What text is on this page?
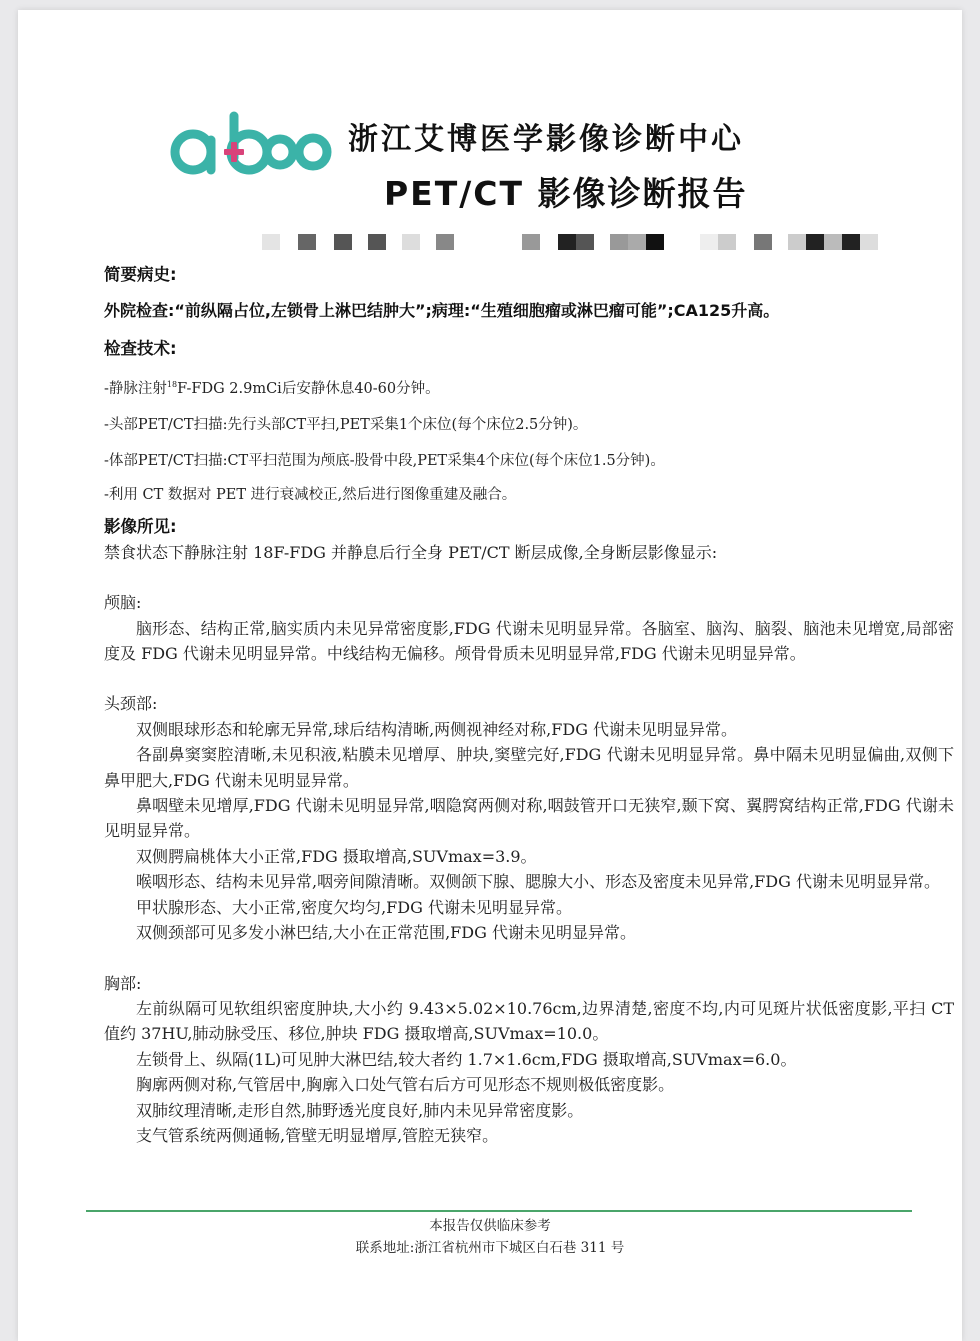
浙江艾博医学影像诊断中心
PET/CT 影像诊断报告
简要病史:
外院检查:“前纵隔占位,左锁骨上淋巴结肿大”;病理:“生殖细胞瘤或淋巴瘤可能”;CA125升高。
检查技术:
-静脉注射$^{18}$F-FDG 2.9mCi后安静休息40-60分钟。
-头部PET/CT扫描:先行头部CT平扫,PET采集1个床位(每个床位2.5分钟)。
-体部PET/CT扫描:CT平扫范围为颅底-股骨中段,PET采集4个床位(每个床位1.5分钟)。
-利用 CT 数据对 PET 进行衰减校正,然后进行图像重建及融合。
影像所见:
禁食状态下静脉注射 18F-FDG 并静息后行全身 PET/CT 断层成像,全身断层影像显示:
颅脑:
脑形态、结构正常,脑实质内未见异常密度影,FDG 代谢未见明显异常。各脑室、脑沟、脑裂、脑池未见增宽,局部密度及 FDG 代谢未见明显异常。中线结构无偏移。颅骨骨质未见明显异常,FDG 代谢未见明显异常。
头颈部:
双侧眼球形态和轮廓无异常,球后结构清晰,两侧视神经对称,FDG 代谢未见明显异常。
各副鼻窦窦腔清晰,未见积液,粘膜未见增厚、肿块,窦壁完好,FDG 代谢未见明显异常。鼻中隔未见明显偏曲,双侧下鼻甲肥大,FDG 代谢未见明显异常。
鼻咽壁未见增厚,FDG 代谢未见明显异常,咽隐窝两侧对称,咽鼓管开口无狭窄,颞下窝、翼腭窝结构正常,FDG 代谢未见明显异常。
双侧腭扁桃体大小正常,FDG 摄取增高,SUVmax=3.9。
喉咽形态、结构未见异常,咽旁间隙清晰。双侧颌下腺、腮腺大小、形态及密度未见异常,FDG 代谢未见明显异常。
甲状腺形态、大小正常,密度欠均匀,FDG 代谢未见明显异常。
双侧颈部可见多发小淋巴结,大小在正常范围,FDG 代谢未见明显异常。
胸部:
左前纵隔可见软组织密度肿块,大小约 9.43×5.02×10.76cm,边界清楚,密度不均,内可见斑片状低密度影,平扫 CT 值约 37HU,肺动脉受压、移位,肿块 FDG 摄取增高,SUVmax=10.0。
左锁骨上、纵隔(1L)可见肿大淋巴结,较大者约 1.7×1.6cm,FDG 摄取增高,SUVmax=6.0。
胸廓两侧对称,气管居中,胸廓入口处气管右后方可见形态不规则极低密度影。
双肺纹理清晰,走形自然,肺野透光度良好,肺内未见异常密度影。
支气管系统两侧通畅,管壁无明显增厚,管腔无狭窄。
本报告仅供临床参考
联系地址:浙江省杭州市下城区白石巷 311 号
